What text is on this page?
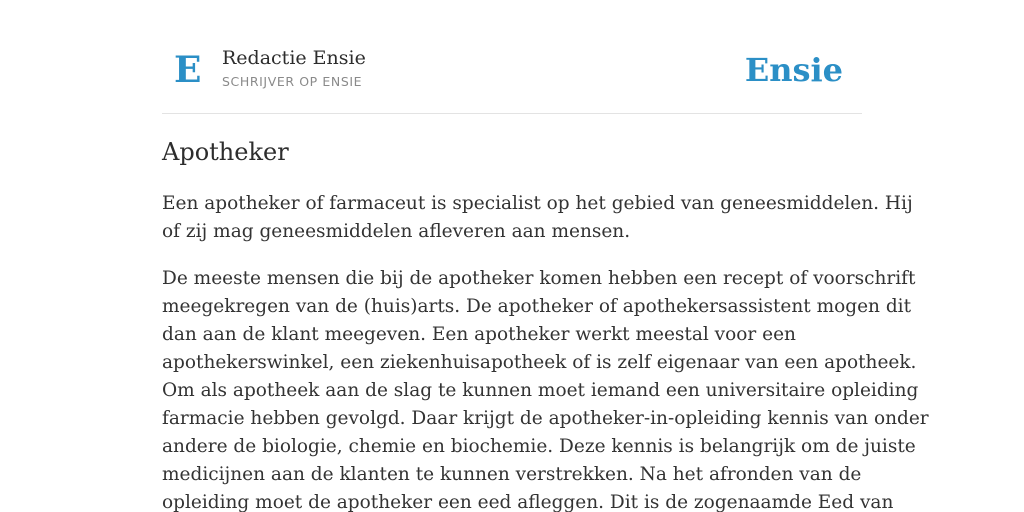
E Redactie Ensie
SCHRIJVER OP ENSIE	Ensie
Apotheker

Een apotheker of farmaceut is specialist op het gebied van geneesmiddelen. Hij
of zij mag geneesmiddelen afleveren aan mensen.

De meeste mensen die bij de apotheker komen hebben een recept of voorschrift
meegekregen van de (huis)arts. De apotheker of apothekersassistent mogen dit
dan aan de klant meegeven. Een apotheker werkt meestal voor een
apothekerswinkel, een ziekenhuisapotheek of is zelf eigenaar van een apotheek.
Om als apotheek aan de slag te kunnen moet iemand een universitaire opleiding
farmacie hebben gevolgd. Daar krijgt de apotheker-in-opleiding kennis van onder
andere de biologie, chemie en biochemie. Deze kennis is belangrijk om de juiste
medicijnen aan de klanten te kunnen verstrekken. Na het afronden van de
opleiding moet de apotheker een eed afleggen. Dit is de zogenaamde Eed van
